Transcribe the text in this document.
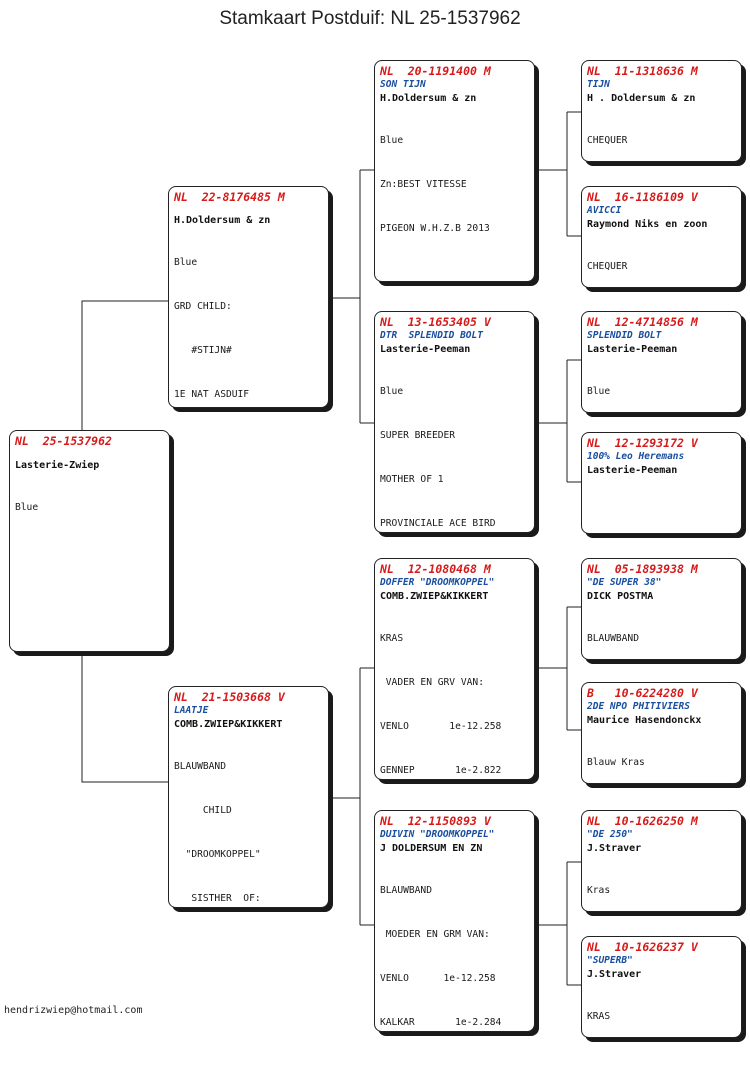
Stamkaart Postduif: NL 25-1537962
NL  25-1537962
Lasterie-Zwiep

Blue

NL  22-8176485 M
H.Doldersum & zn

Blue

GRD CHILD:

#STIJN#

1E NAT ASDUIF

NL  21-1503668 V
LAATJE
COMB.ZWIEP&KIKKERT

BLAUWBAND

CHILD

"DROOMKOPPEL"

SISTHER  OF:

NL  20-1191400 M
SON TIJN
H.Doldersum & zn

Blue

Zn:BEST VITESSE

PIGEON W.H.Z.B 2013

NL  13-1653405 V
DTR  SPLENDID BOLT
Lasterie-Peeman

Blue

SUPER BREEDER

MOTHER OF 1

PROVINCIALE ACE BIRD

NL  12-1080468 M
DOFFER "DROOMKOPPEL"
COMB.ZWIEP&KIKKERT

KRAS

VADER EN GRV VAN:

VENLO       1e-12.258

GENNEP       1e-2.822

NL  12-1150893 V
DUIVIN "DROOMKOPPEL"
J DOLDERSUM EN ZN

BLAUWBAND

MOEDER EN GRM VAN:

VENLO      1e-12.258

KALKAR       1e-2.284

NL  11-1318636 M
TIJN
H . Doldersum & zn

CHEQUER

NL  16-1186109 V
AVICCI
Raymond Niks en zoon

CHEQUER

NL  12-4714856 M
SPLENDID BOLT
Lasterie-Peeman

Blue

NL  12-1293172 V
100% Leo Heremans
Lasterie-Peeman
NL  05-1893938 M
"DE SUPER 38"
DICK POSTMA

BLAUWBAND

B   10-6224280 V
2DE NPO PHITIVIERS
Maurice Hasendonckx

Blauw Kras

NL  10-1626250 M
"DE 250"
J.Straver

Kras

NL  10-1626237 V
"SUPERB"
J.Straver

KRAS

hendrizwiep@hotmail.com
